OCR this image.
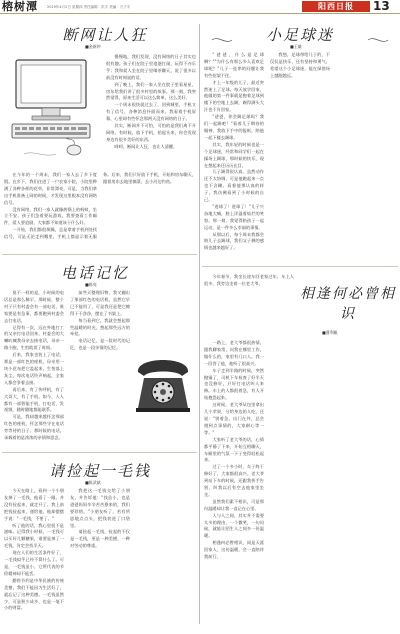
榕树潭	2019年4月2日 星期四 责任编辑：洪宇 美编：方子宇	阳西日报	13
断网让人狂
■金新妙

在今年的一个周末，我们一家人去了乡下度假。在乡下，我们住进了一户农家小院，小院里种满了各种各样的花草，非常漂亮。可是，当我们拿出手机准备上网的时候，才发现这里根本没有网络信号。

没有网络，我们一家人就像热锅上的蚂蚁，坐立不安。孩子们急着要玩游戏，我要查看工作邮件，爱人要追剧，大家都不知道该干什么好。

一开始，我们都很烦躁，总是拿着手机到处找信号，可是无论走到哪里，手机上都显示着无服务。后来，我们只好放下手机，开始和房东聊天，跟着房东去地里摘菜，去小河边钓鱼。

慢慢地，我们发现，没有网络的日子其实也很有趣。孩子们在院子里追逐打闹，玩得不亦乐乎；我和爱人坐在院子里喝茶聊天，说了很多以前没有时间说的话。

到了晚上，我们一家人坐在院子里看星星，房东给我们讲了很多村里的故事。那一刻，我突然觉得，原来生活可以这么简单，这么美好。

一个周末很快就过去了，回到城里，手机又有了信号，各种消息扑面而来。我看着手机屏幕，心里却有些怀念那两天没有网络的日子。

其实，断网并不可怕，可怕的是我们离不开网络。有时候，放下手机，抬起头来，你会发现身边有很多美好的东西。

呵呵，断网让人狂，也让人清醒。

小足球迷
■王雄

"爸爸，什么是足球啊？""为什么有那么多人喜欢足球呢？"儿子一连串的问题让我有些招架不住。

才上一年级的儿子，最近突然迷上了足球。每天放学回家，他做的第一件事就是抱着足球到楼下的空地上去踢，踢得满头大汗也不肯回家。

"爸爸，你会踢足球吗？我们一起踢吧！"看着儿子期待的眼神，我放下手中的报纸，陪他一起下楼去踢球。

其实，我年轻的时候也是一个足球迷，经常和同学们一起在操场上踢球，那时候的快乐，现在想起来还历历在目。

儿子踢得很认真，虽然动作还不太协调，可是他跑起来一点也不含糊。看着他那认真的样子，我仿佛看到了小时候的自己。

"进球了！进球了！"儿子兴奋地大喊，脸上洋溢着灿烂的笑容。那一刻，我觉得陪孩子一起运动，是一件多么幸福的事情。

从那以后，每个周末我都会陪儿子去踢球，我们父子俩的感情也越来越好了。

我想，足球带给儿子的，不仅仅是快乐，还有坚持和勇气。希望这个小足球迷，能在绿茵场上越跑越远。

电话记忆
■陈亮

莫不一样的是，小时候的电话总是那么稀罕。那时候，整个村子只有村委会有一部电话，谁家要是有急事，都要跑到村委会去打电话。

记得有一次，远在外地打工的父亲打电话回来，村委会的大喇叭喊我母亲去接电话，母亲一路小跑，生怕耽误了时间。

后来，我家也装上了电话，那是一部红色的座机，母亲用一块小花布把它盖起来，生怕落上灰尘。每次电话铃声响起，全家人都会争着去接。

再后来，有了传呼机，有了大哥大，有了手机。如今，人人都有一部智能手机，打电话、发视频，随时随地都能联系。

可是，我却越来越怀念那部红色的座机，怀念那些守在电话旁等待的日子。那时候的电话，承载着的是浓浓的亲情和思念。

前些天整理旧物，我又翻出了那部红色的电话机，虽然它早已不能用了，可是我还是把它擦得干干净净，摆在了书架上。

每当看到它，我就会想起那些温暖的时光，想起那些远方的牵挂。

电话记忆，是一段时代的记忆，也是一段亲情的记忆。

相逢何必曾相识
■曹利帆

今年春节，我坐长途车回老家过年，车上人很多，我旁边坐着一位老大爷。

一路上，老大爷都很热情，跟我聊家常，问我在哪里工作，做什么的，家里有几口人。我一一回答了他，他听了很高兴。

车子走到半路的时候，突然抛锚了，司机下车检查了好半天也没修好，只好打电话叫人来修。车上的人都很着急，有人开始抱怨起来。

这时候，老大爷从包里拿出几个苹果，分给身边的人吃，还说："别着急，出门在外，总会遇到点事情的，大家耐心等一等。"

大家听了老大爷的话，心情都平静了下来，开始互相聊天，车厢里的气氛一下子变得轻松起来。

过了一个多小时，车子终于修好了，大家都很高兴。老大爷到站下车的时候，还跟我挥手告别，叫我以后有空去他家里坐坐。

虽然我们素不相识，可是那份温暖却让我一直记在心里。

人与人之间，其实并不需要太多的理由，一个微笑，一句问候，就能让陌生人之间多一份温暖。

相逢何必曾相识，同是天涯回家人。这份温暖，会一直陪伴我前行。

请捡起一毛钱
■陈武斌

今天在路上，看到一个小朋友掉了一毛钱，他看了一眼，并没有捡起来，就走开了。我上前把钱捡起来，递给他，他却摆摆手说："一毛钱，不要了。"

听了他的话，我心里很不是滋味。记得我小时候，一毛钱可以买好几颗糖果，谁要是掉了一毛钱，肯定会找半天。

现在人们的生活条件好了，一毛钱似乎已经不算什么了。可是，一毛钱虽小，它所代表的节俭精神却不能丢。

勤俭节约是中华民族的传统美德，我们不能因为生活好了，就忘记了这种美德。一毛钱虽然少，可是积少成多，也是一笔不小的财富。

我把这一毛钱交给了小朋友，并告诉他："钱虽小，也是爸爸妈妈辛辛苦苦挣来的，我们要珍惜。"小朋友听了，若有所思地点点头，把钱装进了口袋里。

请捡起一毛钱，捡起的不仅是一毛钱，更是一种美德，一种对劳动的尊重。
